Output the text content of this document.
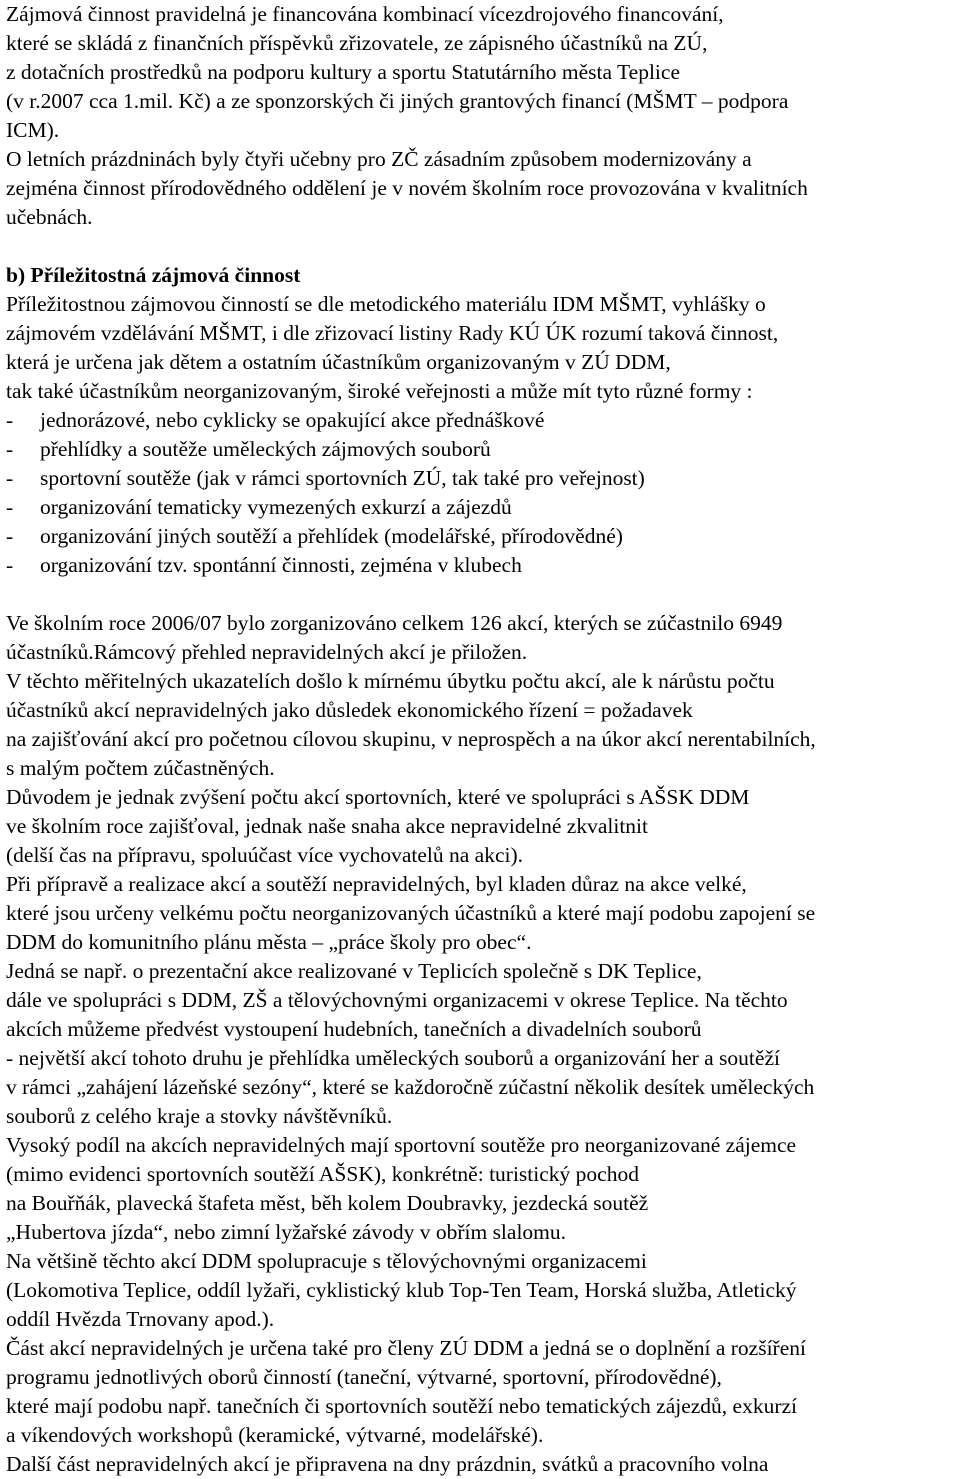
Zájmová činnost pravidelná je financována kombinací vícezdrojového financování,
které se skládá z finančních příspěvků zřizovatele, ze zápisného účastníků na ZÚ,
z dotačních prostředků na podporu kultury a sportu Statutárního města Teplice
(v r.2007 cca 1.mil. Kč) a ze sponzorských či jiných grantových financí (MŠMT – podpora
ICM).
O letních prázdninách byly čtyři učebny pro ZČ zásadním způsobem modernizovány a
zejména činnost přírodovědného oddělení je v novém školním roce provozována v kvalitních
učebnách.
b) Příležitostná zájmová činnost
Příležitostnou zájmovou činností se dle metodického materiálu IDM MŠMT, vyhlášky o
zájmovém vzdělávání MŠMT, i dle zřizovací listiny Rady KÚ ÚK rozumí taková činnost,
která je určena jak dětem a ostatním účastníkům organizovaným v ZÚ DDM,
tak také účastníkům neorganizovaným, široké veřejnosti a může mít tyto různé formy :
- jednorázové, nebo cyklicky se opakující akce přednáškové
- přehlídky a soutěže uměleckých zájmových souborů
- sportovní soutěže (jak v rámci sportovních ZÚ, tak také pro veřejnost)
- organizování tematicky vymezených exkurzí a zájezdů
- organizování jiných soutěží a přehlídek (modelářské, přírodovědné)
- organizování tzv. spontánní činnosti, zejména v klubech
Ve školním roce 2006/07 bylo zorganizováno celkem 126 akcí, kterých se zúčastnilo 6949
účastníků.Rámcový přehled nepravidelných akcí je přiložen.
V těchto měřitelných ukazatelích došlo k mírnému úbytku počtu akcí, ale k nárůstu počtu
účastníků akcí nepravidelných jako důsledek ekonomického řízení = požadavek
na zajišťování akcí pro početnou cílovou skupinu, v neprospěch a na úkor akcí nerentabilních,
s malým počtem zúčastněných.
Důvodem je jednak zvýšení počtu akcí sportovních, které ve spolupráci s AŠSK DDM
ve školním roce zajišťoval, jednak naše snaha akce nepravidelné zkvalitnit
(delší čas na přípravu, spoluúčast více vychovatelů na akci).
Při přípravě a realizace akcí a soutěží nepravidelných, byl kladen důraz na akce velké,
které jsou určeny velkému počtu neorganizovaných účastníků a které mají podobu zapojení se
DDM do komunitního plánu města – „práce školy pro obec“.
Jedná se např. o prezentační akce realizované v Teplicích společně s DK Teplice,
dále ve spolupráci s DDM, ZŠ a tělovýchovnými organizacemi v okrese Teplice. Na těchto
akcích můžeme předvést vystoupení hudebních, tanečních a divadelních souborů
- největší akcí tohoto druhu je přehlídka uměleckých souborů a organizování her a soutěží
v rámci „zahájení lázeňské sezóny“, které se každoročně zúčastní několik desítek uměleckých
souborů z celého kraje a stovky návštěvníků.
Vysoký podíl na akcích nepravidelných mají sportovní soutěže pro neorganizované zájemce
(mimo evidenci sportovních soutěží AŠSK), konkrétně: turistický pochod
na Bouřňák, plavecká štafeta měst, běh kolem Doubravky, jezdecká soutěž
„Hubertova jízda“, nebo zimní lyžařské závody v obřím slalomu.
Na většině těchto akcí DDM spolupracuje s tělovýchovnými organizacemi
(Lokomotiva Teplice, oddíl lyžaři, cyklistický klub Top-Ten Team, Horská služba, Atletický
oddíl Hvězda Trnovany apod.).
Část akcí nepravidelných je určena také pro členy ZÚ DDM a jedná se o doplnění a rozšíření
programu jednotlivých oborů činností (taneční, výtvarné, sportovní, přírodovědné),
které mají podobu např. tanečních či sportovních soutěží nebo tematických zájezdů, exkurzí
a víkendových workshopů (keramické, výtvarné, modelářské).
Další část nepravidelných akcí je připravena na dny prázdnin, svátků a pracovního volna
